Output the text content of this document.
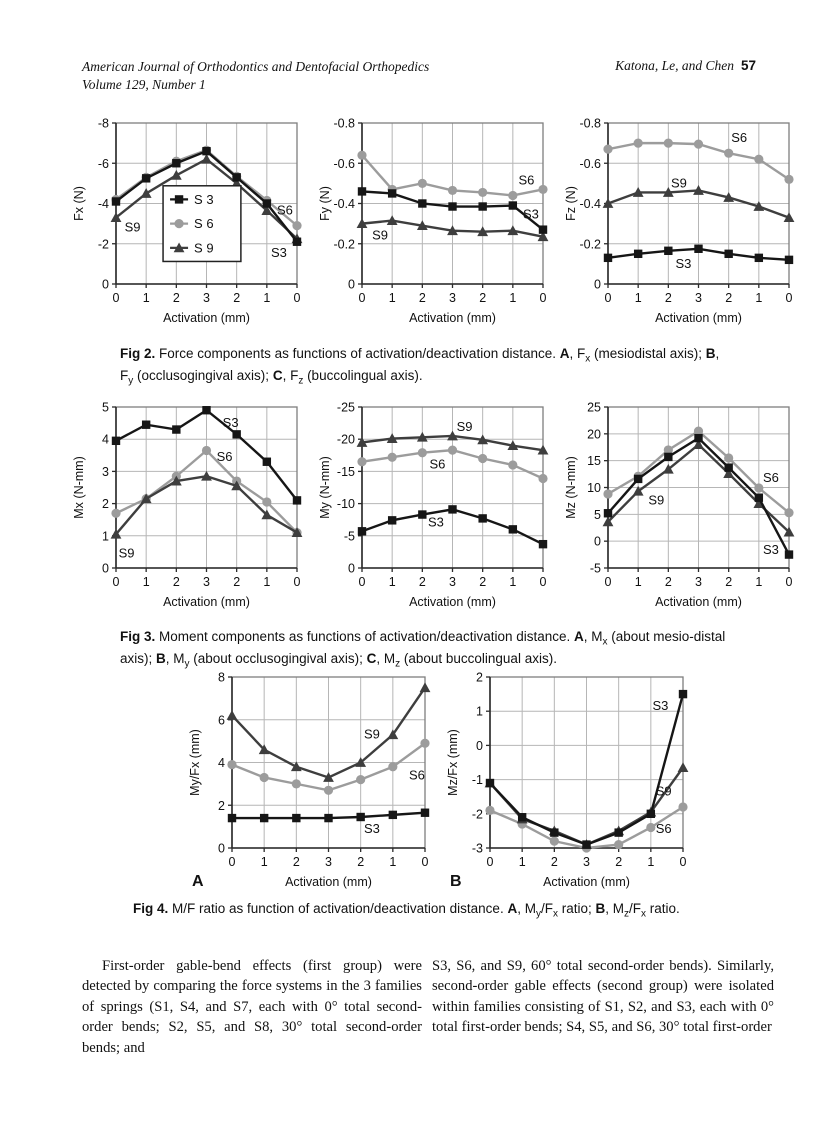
American Journal of Orthodontics and Dentofacial Orthopedics
Volume 129, Number 1
Katona, Le, and Chen 57
0 1 2 3 2 1 0
0
-2
-4
-6
-8
Fx (N)
Activation (mm)
S9
S6
S3
S 3
S 6
S 9
0 1 2 3 2 1 0
0
-0.2
-0.4
-0.6
-0.8
Fy (N)
Activation (mm)
S9
S6
S3
0 1 2 3 2 1 0
0
-0.2
-0.4
-0.6
-0.8
Fz (N)
Activation (mm)
S6
S9
S3
Fig 2. Force components as functions of activation/deactivation distance. A, $F_x$ (mesiodistal axis); B, $F_y$ (occlusogingival axis); C, $F_z$ (buccolingual axis).
0 1 2 3 2 1 0
0
1
2
3
4
5
Mx (N-mm)
Activation (mm)
S3
S6
S9
0 1 2 3 2 1 0
0
-5
-10
-15
-20
-25
My (N-mm)
Activation (mm)
S9
S6
S3
0 1 2 3 2 1 0
-5
0
5
10
15
20
25
Mz (N-mm)
Activation (mm)
S9
S6
S3
Fig 3. Moment components as functions of activation/deactivation distance. A, $M_x$ (about mesio-distal axis); B, $M_y$ (about occlusogingival axis); C, $M_z$ (about buccolingual axis).
0 1 2 3 2 1 0
0
2
4
6
8
My/Fx (mm)
Activation (mm)
S9
S6
S3
A
0 1 2 3 2 1 0
-3
-2
-1
0
1
2
Mz/Fx (mm)
Activation (mm)
S3
S9
S6
B
Fig 4. M/F ratio as function of activation/deactivation distance. A, $M_y/F_x$ ratio; B, $M_z/F_x$ ratio.
First-order gable-bend effects (first group) were detected by comparing the force systems in the 3 families of springs (S1, S4, and S7, each with 0° total second-order bends; S2, S5, and S8, 30° total second-order bends; and
S3, S6, and S9, 60° total second-order bends). Similarly, second-order gable effects (second group) were isolated within families consisting of S1, S2, and S3, each with 0° total first-order bends; S4, S5, and S6, 30° total first-order
